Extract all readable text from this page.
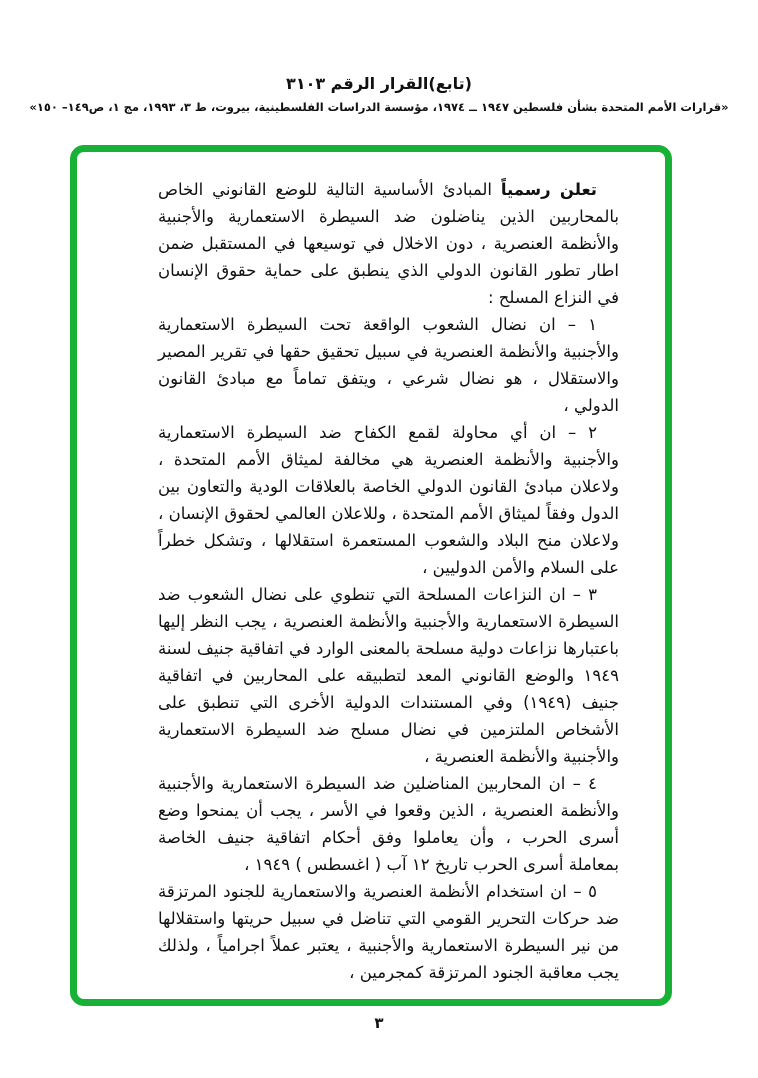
(تابع)القرار الرقم ٣١٠٣

«قرارات الأمم المتحدة بشأن فلسطين ١٩٤٧ ــ ١٩٧٤، مؤسسة الدراسات الفلسطينية، بيروت، ط ٣، ١٩٩٣، مج ١، ص١٤٩– ١٥٠»

تعلن رسمياً المبادئ الأساسية التالية للوضع القانوني الخاص بالمحاربين الذين يناضلون ضد السيطرة الاستعمارية والأجنبية والأنظمة العنصرية ، دون الاخلال في توسيعها في المستقبل ضمن اطار تطور القانون الدولي الذي ينطبق على حماية حقوق الإنسان في النزاع المسلح :

١ – ان نضال الشعوب الواقعة تحت السيطرة الاستعمارية والأجنبية والأنظمة العنصرية في سبيل تحقيق حقها في تقرير المصير والاستقلال ، هو نضال شرعي ، ويتفق تماماً مع مبادئ القانون الدولي ،

٢ – ان أي محاولة لقمع الكفاح ضد السيطرة الاستعمارية والأجنبية والأنظمة العنصرية هي مخالفة لميثاق الأمم المتحدة ، ولاعلان مبادئ القانون الدولي الخاصة بالعلاقات الودية والتعاون بين الدول وفقاً لميثاق الأمم المتحدة ، وللاعلان العالمي لحقوق الإنسان ، ولاعلان منح البلاد والشعوب المستعمرة استقلالها ، وتشكل خطراً على السلام والأمن الدوليين ،

٣ – ان النزاعات المسلحة التي تنطوي على نضال الشعوب ضد السيطرة الاستعمارية والأجنبية والأنظمة العنصرية ، يجب النظر إليها باعتبارها نزاعات دولية مسلحة بالمعنى الوارد في اتفاقية جنيف لسنة ١٩٤٩ والوضع القانوني المعد لتطبيقه على المحاربين في اتفاقية جنيف (١٩٤٩) وفي المستندات الدولية الأخرى التي تنطبق على الأشخاص الملتزمين في نضال مسلح ضد السيطرة الاستعمارية والأجنبية والأنظمة العنصرية ،

٤ – ان المحاربين المناضلين ضد السيطرة الاستعمارية والأجنبية والأنظمة العنصرية ، الذين وقعوا في الأسر ، يجب أن يمنحوا وضع أسرى الحرب ، وأن يعاملوا وفق أحكام اتفاقية جنيف الخاصة بمعاملة أسرى الحرب تاريخ ١٢ آب ( اغسطس ) ١٩٤٩ ،

٥ – ان استخدام الأنظمة العنصرية والاستعمارية للجنود المرتزقة ضد حركات التحرير القومي التي تناضل في سبيل حريتها واستقلالها من نير السيطرة الاستعمارية والأجنبية ، يعتبر عملاً اجرامياً ، ولذلك يجب معاقبة الجنود المرتزقة كمجرمين ،

٣
